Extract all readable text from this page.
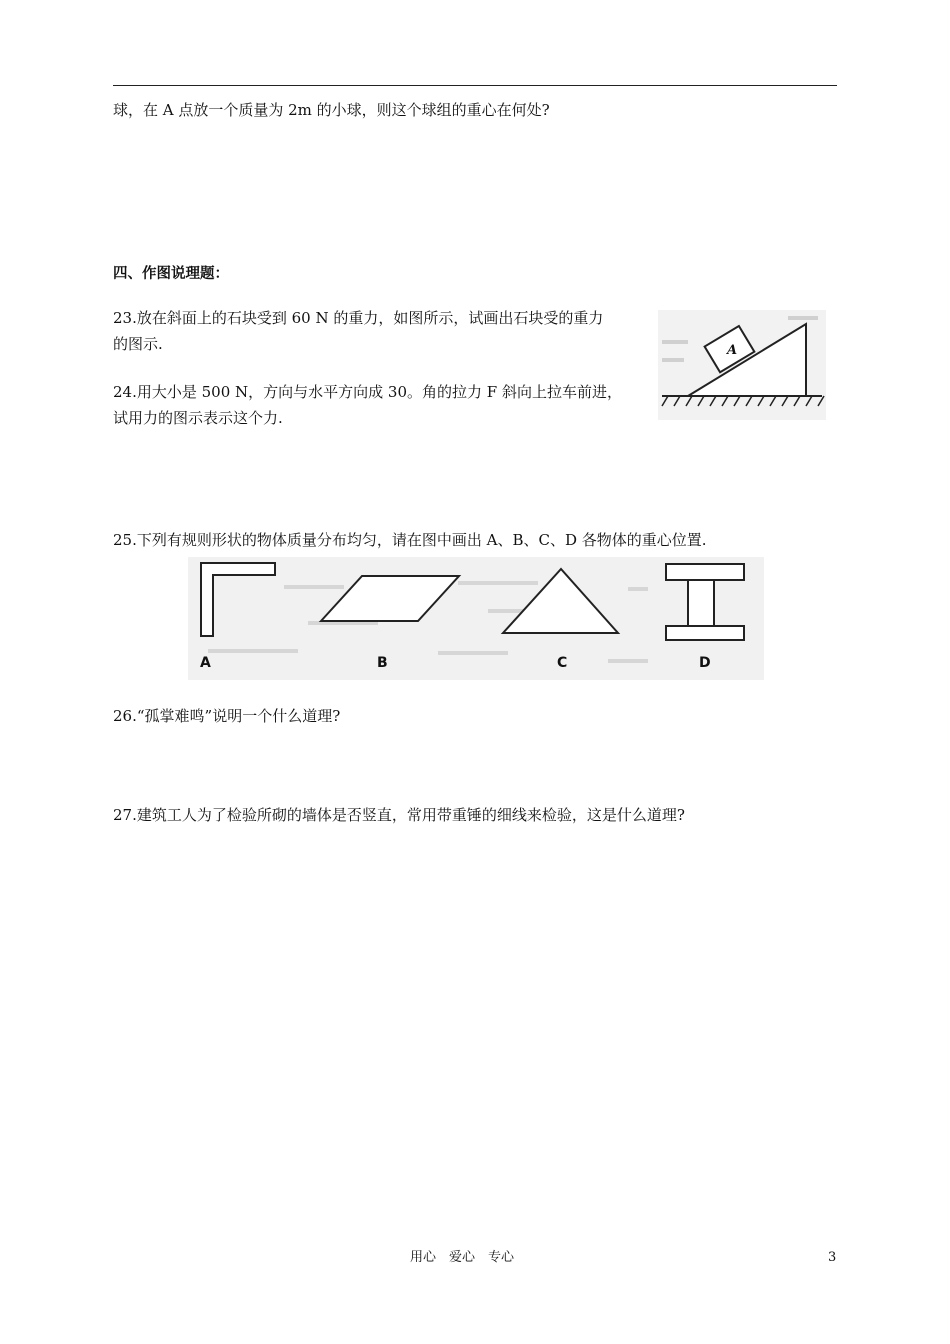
球，在 A 点放一个质量为 2m 的小球，则这个球组的重心在何处?
四、作图说理题：
23.放在斜面上的石块受到 60 N 的重力，如图所示，试画出石块受的重力
的图示.
24.用大小是 500 N，方向与水平方向成 30。角的拉力 F 斜向上拉车前进，
试用力的图示表示这个力.
A
25.下列有规则形状的物体质量分布均匀，请在图中画出 A、B、C、D 各物体的重心位置.
A	B	C	D
26.“孤掌难鸣”说明一个什么道理?
27.建筑工人为了检验所砌的墙体是否竖直，常用带重锤的细线来检验，这是什么道理?
用心　爱心　专心	3
